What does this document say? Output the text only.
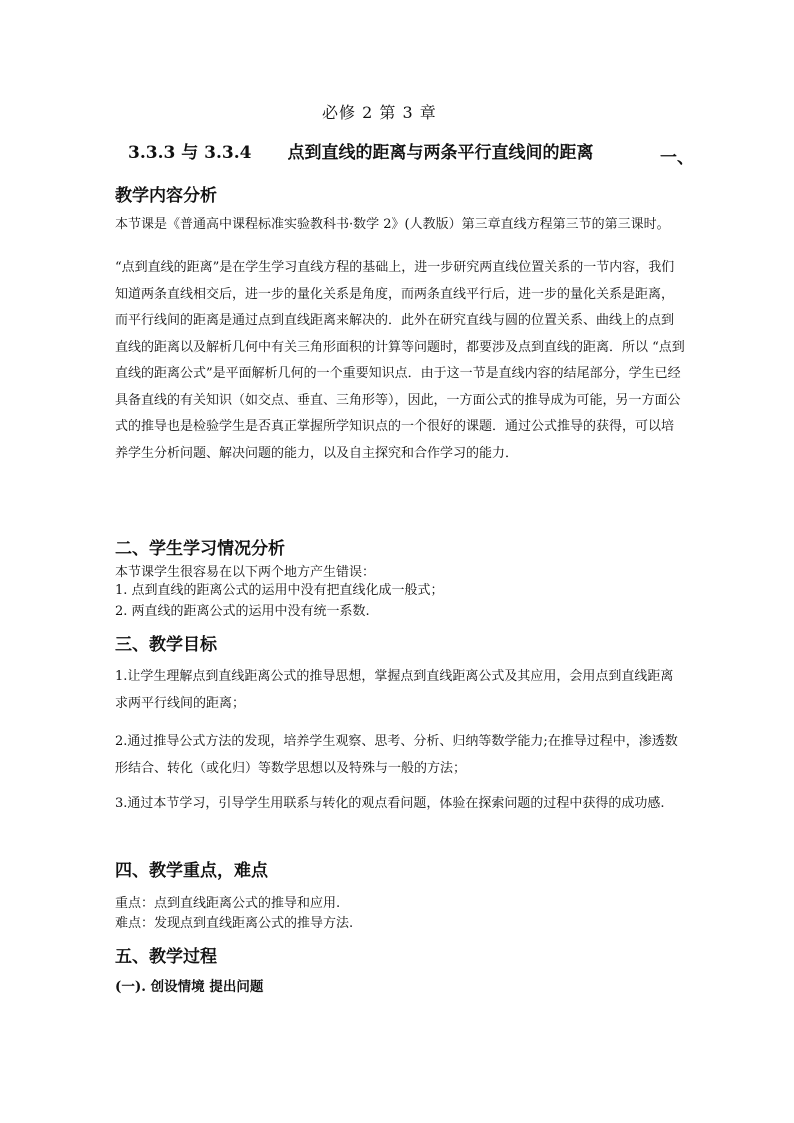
必修 2 第 3 章
3.3.3 与 3.3.4 点到直线的距离与两条平行直线间的距离	一、
教学内容分析
本节课是《普通高中课程标准实验教科书·数学 2》(人教版）第三章直线方程第三节的第三课时。
“点到直线的距离”是在学生学习直线方程的基础上，进一步研究两直线位置关系的一节内容，我们知道两条直线相交后，进一步的量化关系是角度，而两条直线平行后，进一步的量化关系是距离，而平行线间的距离是通过点到直线距离来解决的．此外在研究直线与圆的位置关系、曲线上的点到直线的距离以及解析几何中有关三角形面积的计算等问题时，都要涉及点到直线的距离．所以 “点到直线的距离公式”是平面解析几何的一个重要知识点．由于这一节是直线内容的结尾部分，学生已经具备直线的有关知识（如交点、垂直、三角形等），因此，一方面公式的推导成为可能，另一方面公式的推导也是检验学生是否真正掌握所学知识点的一个很好的课题．通过公式推导的获得，可以培养学生分析问题、解决问题的能力，以及自主探究和合作学习的能力．
二、学生学习情况分析
本节课学生很容易在以下两个地方产生错误：
1. 点到直线的距离公式的运用中没有把直线化成一般式；
2. 两直线的距离公式的运用中没有统一系数.
三、教学目标
1.让学生理解点到直线距离公式的推导思想，掌握点到直线距离公式及其应用，会用点到直线距离求两平行线间的距离；
2.通过推导公式方法的发现，培养学生观察、思考、分析、归纳等数学能力;在推导过程中，渗透数形结合、转化（或化归）等数学思想以及特殊与一般的方法；
3.通过本节学习，引导学生用联系与转化的观点看问题，体验在探索问题的过程中获得的成功感.
四、教学重点，难点
重点：点到直线距离公式的推导和应用.
难点：发现点到直线距离公式的推导方法.
五、教学过程
(一). 创设情境 提出问题
